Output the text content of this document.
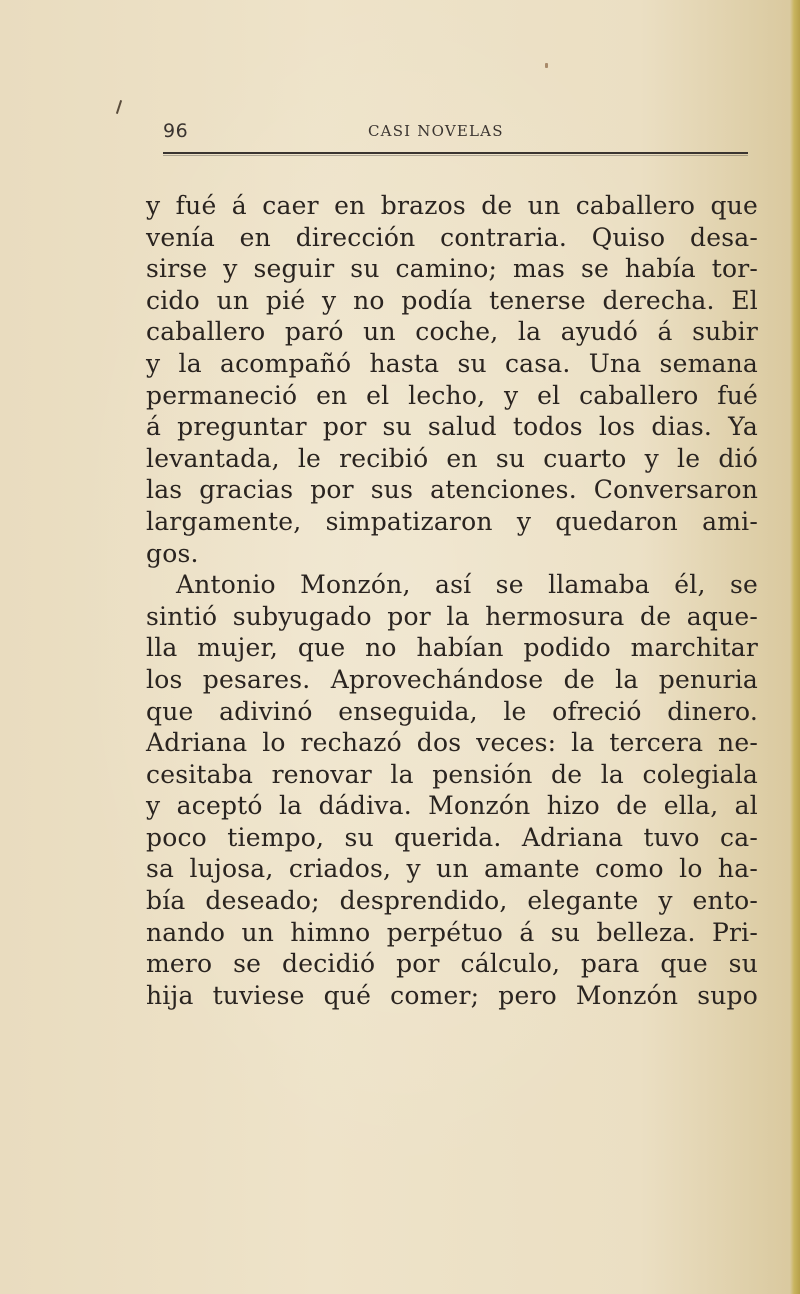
96	CASI NOVELAS
y fué á caer en brazos de un caballero que
venía en dirección contraria. Quiso desa-
sirse y seguir su camino; mas se había tor-
cido un pié y no podía tenerse derecha. El
caballero paró un coche, la ayudó á subir
y la acompañó hasta su casa. Una semana
permaneció en el lecho, y el caballero fué
á preguntar por su salud todos los dias. Ya
levantada, le recibió en su cuarto y le dió
las gracias por sus atenciones. Conversaron
largamente, simpatizaron y quedaron ami-
gos.
Antonio Monzón, así se llamaba él, se
sintió subyugado por la hermosura de aque-
lla mujer, que no habían podido marchitar
los pesares. Aprovechándose de la penuria
que adivinó enseguida, le ofreció dinero.
Adriana lo rechazó dos veces: la tercera ne-
cesitaba renovar la pensión de la colegiala
y aceptó la dádiva. Monzón hizo de ella, al
poco tiempo, su querida. Adriana tuvo ca-
sa lujosa, criados, y un amante como lo ha-
bía deseado; desprendido, elegante y ento-
nando un himno perpétuo á su belleza. Pri-
mero se decidió por cálculo, para que su
hija tuviese qué comer; pero Monzón supo
